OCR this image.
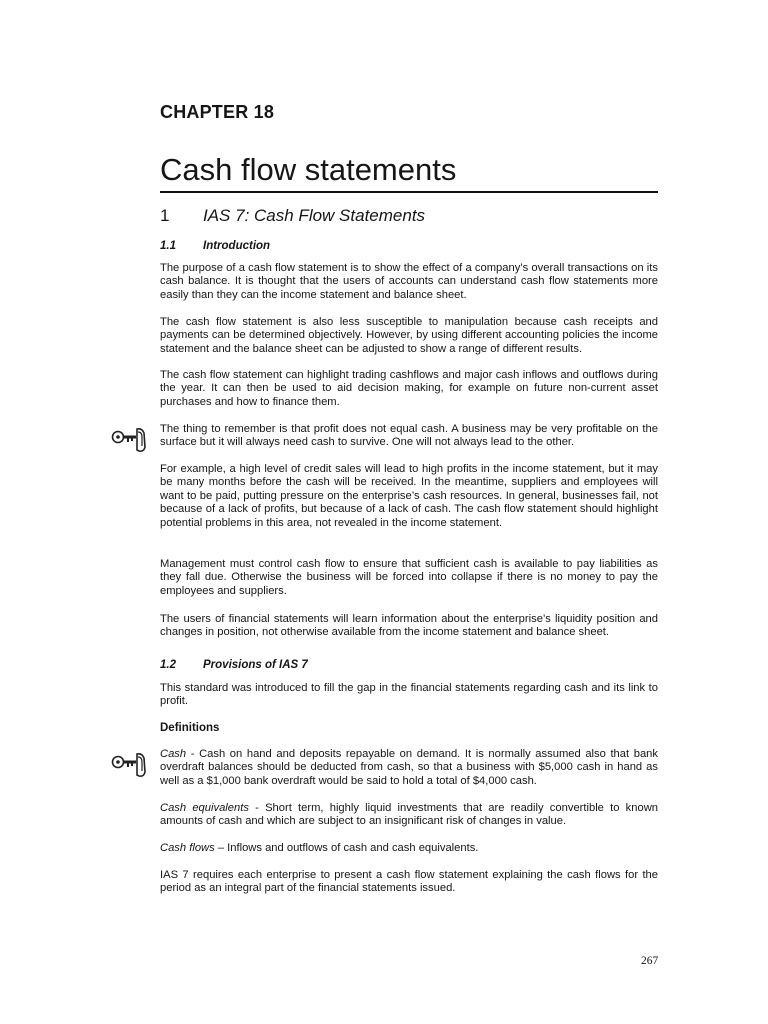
CHAPTER 18
Cash flow statements
1 IAS 7: Cash Flow Statements
1.1 Introduction

The purpose of a cash flow statement is to show the effect of a company’s overall transactions on its cash balance. It is thought that the users of accounts can understand cash flow statements more easily than they can the income statement and balance sheet.

The cash flow statement is also less susceptible to manipulation because cash receipts and payments can be determined objectively. However, by using different accounting policies the income statement and the balance sheet can be adjusted to show a range of different results.

The cash flow statement can highlight trading cashflows and major cash inflows and outflows during the year. It can then be used to aid decision making, for example on future non-current asset purchases and how to finance them.

The thing to remember is that profit does not equal cash. A business may be very profitable on the surface but it will always need cash to survive. One will not always lead to the other.

For example, a high level of credit sales will lead to high profits in the income statement, but it may be many months before the cash will be received. In the meantime, suppliers and employees will want to be paid, putting pressure on the enterprise’s cash resources. In general, businesses fail, not because of a lack of profits, but because of a lack of cash. The cash flow statement should highlight potential problems in this area, not revealed in the income statement.

Management must control cash flow to ensure that sufficient cash is available to pay liabilities as they fall due. Otherwise the business will be forced into collapse if there is no money to pay the employees and suppliers.

The users of financial statements will learn information about the enterprise’s liquidity position and changes in position, not otherwise available from the income statement and balance sheet.

1.2 Provisions of IAS 7

This standard was introduced to fill the gap in the financial statements regarding cash and its link to profit.

Definitions

Cash - Cash on hand and deposits repayable on demand. It is normally assumed also that bank overdraft balances should be deducted from cash, so that a business with $5,000 cash in hand as well as a $1,000 bank overdraft would be said to hold a total of $4,000 cash.

Cash equivalents - Short term, highly liquid investments that are readily convertible to known amounts of cash and which are subject to an insignificant risk of changes in value.

Cash flows – Inflows and outflows of cash and cash equivalents.

IAS 7 requires each enterprise to present a cash flow statement explaining the cash flows for the period as an integral part of the financial statements issued.

267
